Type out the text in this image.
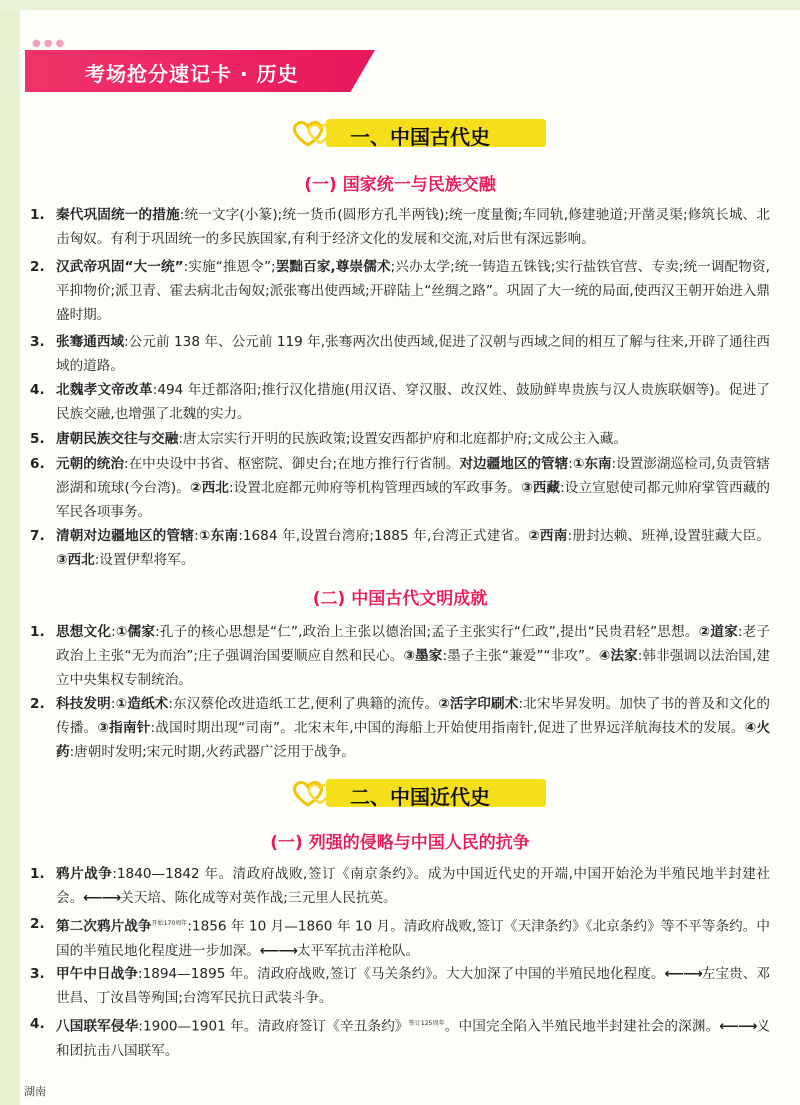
●●●
考场抢分速记卡 · 历史
一、中国古代史
(一) 国家统一与民族交融
1. 秦代巩固统一的措施:统一文字(小篆);统一货币(圆形方孔半两钱);统一度量衡;车同轨,修建驰道;开凿灵渠;修筑长城、北击匈奴。有利于巩固统一的多民族国家,有利于经济文化的发展和交流,对后世有深远影响。
2. 汉武帝巩固“大一统”:实施“推恩令”;罢黜百家,尊崇儒术;兴办太学;统一铸造五铢钱;实行盐铁官营、专卖;统一调配物资,平抑物价;派卫青、霍去病北击匈奴;派张骞出使西域;开辟陆上“丝绸之路”。巩固了大一统的局面,使西汉王朝开始进入鼎盛时期。
3. 张骞通西域:公元前 138 年、公元前 119 年,张骞两次出使西域,促进了汉朝与西域之间的相互了解与往来,开辟了通往西域的道路。
4. 北魏孝文帝改革:494 年迁都洛阳;推行汉化措施(用汉语、穿汉服、改汉姓、鼓励鲜卑贵族与汉人贵族联姻等)。促进了民族交融,也增强了北魏的实力。
5. 唐朝民族交往与交融:唐太宗实行开明的民族政策;设置安西都护府和北庭都护府;文成公主入藏。
6. 元朝的统治:在中央设中书省、枢密院、御史台;在地方推行行省制。对边疆地区的管辖:①东南:设置澎湖巡检司,负责管辖澎湖和琉球(今台湾)。②西北:设置北庭都元帅府等机构管理西域的军政事务。③西藏:设立宣慰使司都元帅府掌管西藏的军民各项事务。
7. 清朝对边疆地区的管辖:①东南:1684 年,设置台湾府;1885 年,台湾正式建省。②西南:册封达赖、班禅,设置驻藏大臣。③西北:设置伊犁将军。
(二) 中国古代文明成就
1. 思想文化:①儒家:孔子的核心思想是“仁”,政治上主张以德治国;孟子主张实行“仁政”,提出“民贵君轻”思想。②道家:老子政治上主张“无为而治”;庄子强调治国要顺应自然和民心。③墨家:墨子主张“兼爱”“非攻”。④法家:韩非强调以法治国,建立中央集权专制统治。
2. 科技发明:①造纸术:东汉蔡伦改进造纸工艺,便利了典籍的流传。②活字印刷术:北宋毕昇发明。加快了书的普及和文化的传播。③指南针:战国时期出现“司南”。北宋末年,中国的海船上开始使用指南针,促进了世界远洋航海技术的发展。④火药:唐朝时发明;宋元时期,火药武器广泛用于战争。
二、中国近代史
(一) 列强的侵略与中国人民的抗争
1. 鸦片战争:1840—1842 年。清政府战败,签订《南京条约》。成为中国近代史的开端,中国开始沦为半殖民地半封建社会。⟵⟶关天培、陈化成等对英作战;三元里人民抗英。
2. 第二次鸦片战争$^{开始170周年}$:1856 年 10 月—1860 年 10 月。清政府战败,签订《天津条约》《北京条约》等不平等条约。中国的半殖民地化程度进一步加深。⟵⟶太平军抗击洋枪队。
3. 甲午中日战争:1894—1895 年。清政府战败,签订《马关条约》。大大加深了中国的半殖民地化程度。⟵⟶左宝贵、邓世昌、丁汝昌等殉国;台湾军民抗日武装斗争。
4. 八国联军侵华:1900—1901 年。清政府签订《辛丑条约》$^{签订125周年}$。中国完全陷入半殖民地半封建社会的深渊。⟵⟶义和团抗击八国联军。
湖南
